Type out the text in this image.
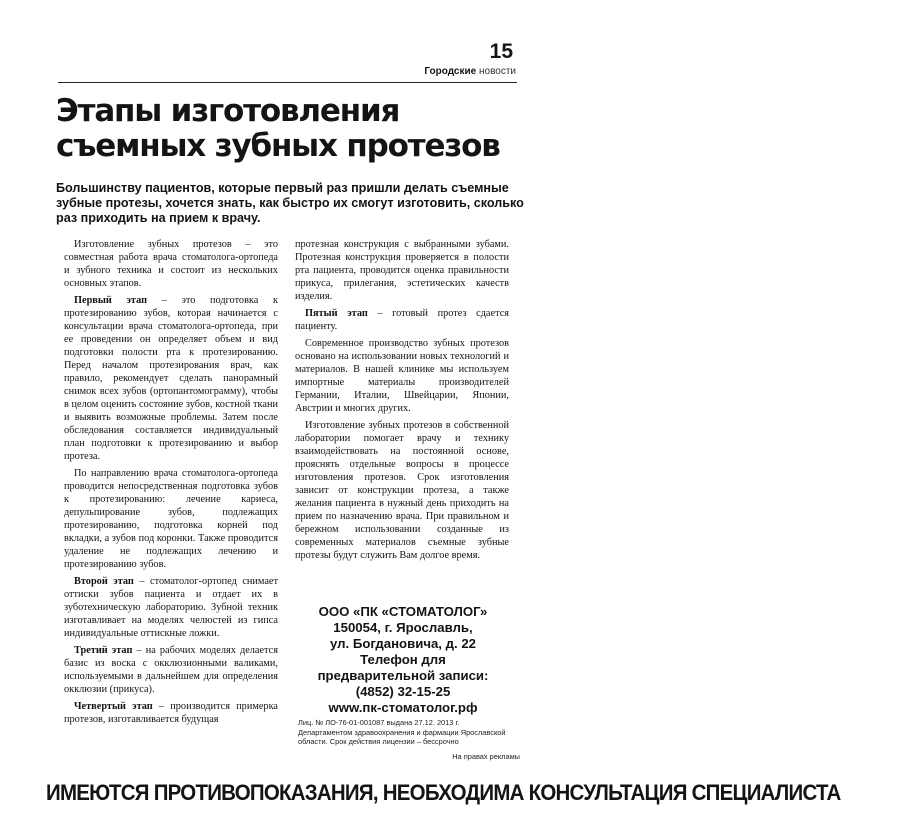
15
Городские новости
Этапы изготовления
съемных зубных протезов

Большинству пациентов, которые первый раз пришли делать съемные зубные протезы, хочется знать, как быстро их смогут изготовить, сколько раз приходить на прием к врачу.

Изготовление зубных протезов – это совместная работа врача стоматолога-ортопеда и зубного техника и состоит из нескольких основных этапов.

Первый этап – это подготовка к протезированию зубов, которая начинается с консультации врача стоматолога-ортопеда, при ее проведении он определяет объем и вид подготовки полости рта к протезированию. Перед началом протезирования врач, как правило, рекомендует сделать панорамный снимок всех зубов (ортопантомограмму), чтобы в целом оценить состояние зубов, костной ткани и выявить возможные проблемы. Затем после обследования составляется индивидуальный план подготовки к протезированию и выбор протеза.

По направлению врача стоматолога-ортопеда проводится непосредственная подготовка зубов к протезированию: лечение кариеса, депульпирование зубов, подлежащих протезированию, подготовка корней под вкладки, а зубов под коронки. Также проводится удаление не подлежащих лечению и протезированию зубов.

Второй этап – стоматолог-ортопед снимает оттиски зубов пациента и отдает их в зуботехническую лабораторию. Зубной техник изготавливает на моделях челюстей из гипса индивидуальные оттискные ложки.

Третий этап – на рабочих моделях делается базис из воска с окклюзионными валиками, используемыми в дальнейшем для определения окклюзии (прикуса).

Четвертый этап – производится примерка протезов, изготавливается будущая

протезная конструкция с выбранными зубами. Протезная конструкция проверяется в полости рта пациента, проводится оценка правильности прикуса, прилегания, эстетических качеств изделия.

Пятый этап – готовый протез сдается пациенту.

Современное производство зубных протезов основано на использовании новых технологий и материалов. В нашей клинике мы используем импортные материалы производителей Германии, Италии, Швейцарии, Японии, Австрии и многих других.

Изготовление зубных протезов в собственной лаборатории помогает врачу и технику взаимодействовать на постоянной основе, прояснять отдельные вопросы в процессе изготовления протезов. Срок изготовления зависит от конструкции протеза, а также желания пациента в нужный день приходить на прием по назначению врача. При правильном и бережном использовании созданные из современных материалов съемные зубные протезы будут служить Вам долгое время.

ООО «ПК «СТОМАТОЛОГ»
150054, г. Ярославль,
ул. Богдановича, д. 22
Телефон для
предварительной записи:
(4852) 32-15-25
www.пк-стоматолог.рф
Лиц. № ЛО-76-01-001087 выдана 27.12. 2013 г. Департаментом здравоохранения и фармации Ярославской области. Срок действия лицензии – бессрочно
На правах рекламы
ИМЕЮТСЯ ПРОТИВОПОКАЗАНИЯ, НЕОБХОДИМА КОНСУЛЬТАЦИЯ СПЕЦИАЛИСТА
